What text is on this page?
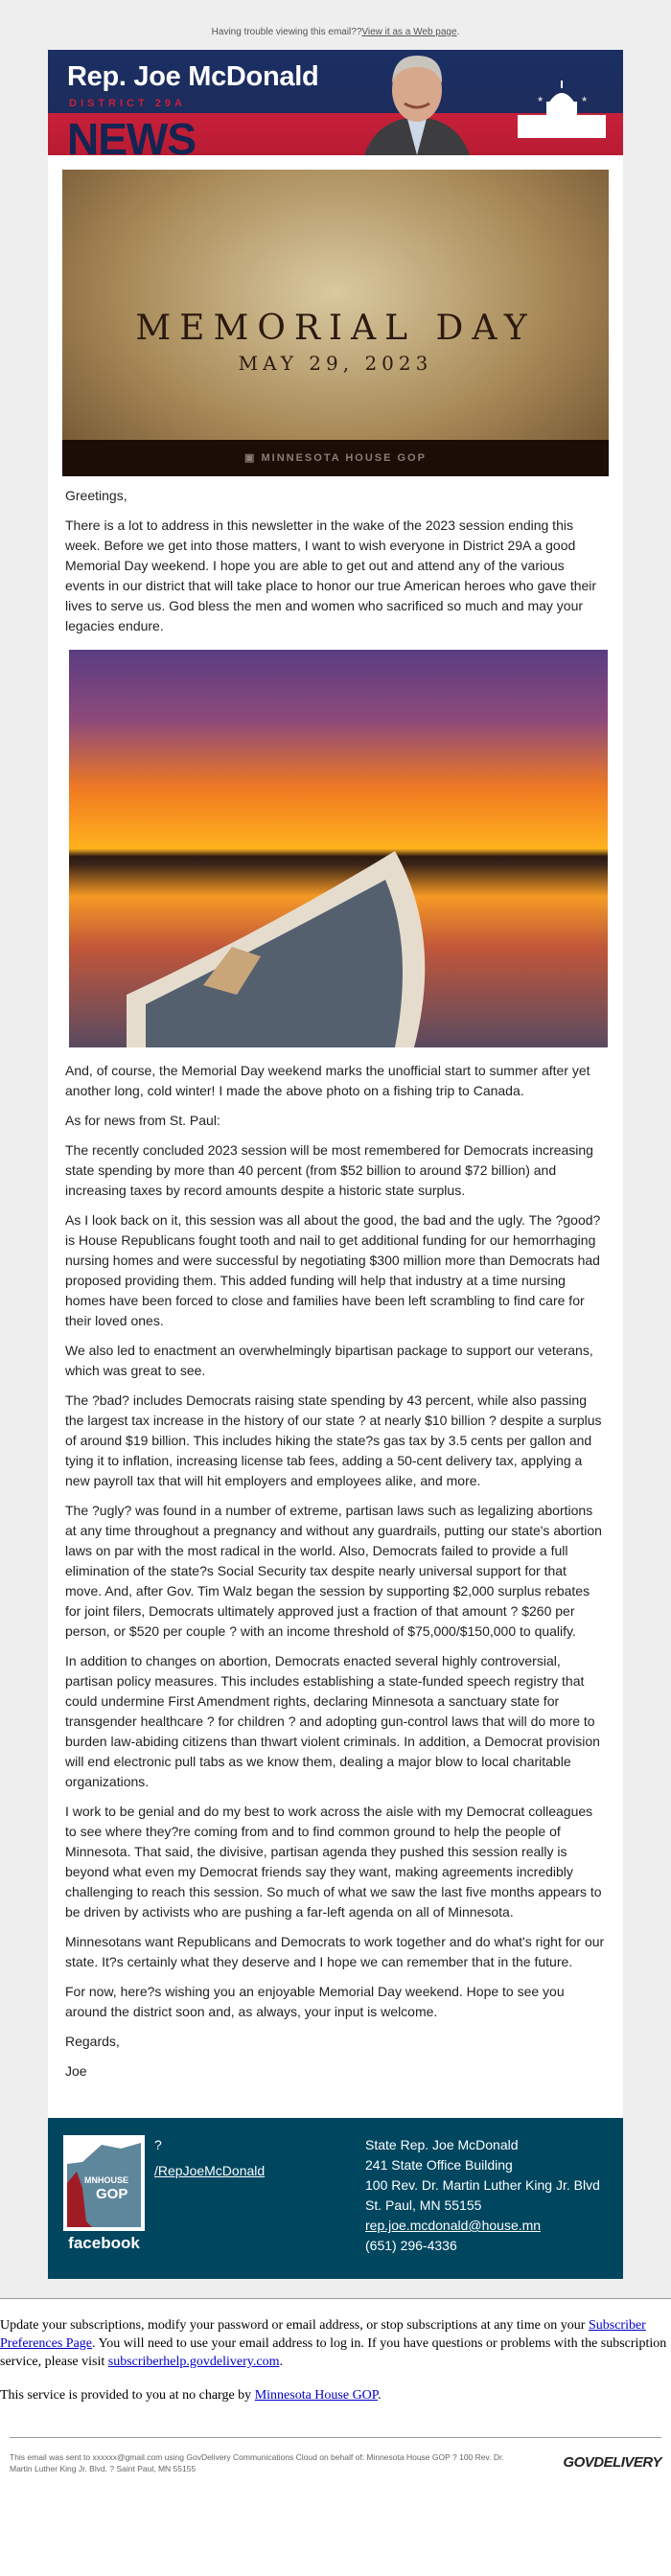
Having trouble viewing this email??View it as a Web page.
Rep. Joe McDonald
DISTRICT 29A
NEWS
★	★
MEMORIAL DAY
MAY 29, 2023
▣ MINNESOTA HOUSE GOP

Greetings,

There is a lot to address in this newsletter in the wake of the 2023 session ending this week. Before we get into those matters, I want to wish everyone in District 29A a good Memorial Day weekend. I hope you are able to get out and attend any of the various events in our district that will take place to honor our true American heroes who gave their lives to serve us. God bless the men and women who sacrificed so much and may your legacies endure.

And, of course, the Memorial Day weekend marks the unofficial start to summer after yet another long, cold winter! I made the above photo on a fishing trip to Canada.

As for news from St. Paul:

The recently concluded 2023 session will be most remembered for Democrats increasing state spending by more than 40 percent (from $52 billion to around $72 billion) and increasing taxes by record amounts despite a historic state surplus.

As I look back on it, this session was all about the good, the bad and the ugly. The ?good? is House Republicans fought tooth and nail to get additional funding for our hemorrhaging nursing homes and were successful by negotiating $300 million more than Democrats had proposed providing them. This added funding will help that industry at a time nursing homes have been forced to close and families have been left scrambling to find care for their loved ones.

We also led to enactment an overwhelmingly bipartisan package to support our veterans, which was great to see.

The ?bad? includes Democrats raising state spending by 43 percent, while also passing the largest tax increase in the history of our state ? at nearly $10 billion ? despite a surplus of around $19 billion. This includes hiking the state?s gas tax by 3.5 cents per gallon and tying it to inflation, increasing license tab fees, adding a 50-cent delivery tax, applying a new payroll tax that will hit employers and employees alike, and more.

The ?ugly? was found in a number of extreme, partisan laws such as legalizing abortions at any time throughout a pregnancy and without any guardrails, putting our state's abortion laws on par with the most radical in the world. Also, Democrats failed to provide a full elimination of the state?s Social Security tax despite nearly universal support for that move. And, after Gov. Tim Walz began the session by supporting $2,000 surplus rebates for joint filers, Democrats ultimately approved just a fraction of that amount ? $260 per person, or $520 per couple ? with an income threshold of $75,000/$150,000 to qualify.

In addition to changes on abortion, Democrats enacted several highly controversial, partisan policy measures. This includes establishing a state-funded speech registry that could undermine First Amendment rights, declaring Minnesota a sanctuary state for transgender healthcare ? for children ? and adopting gun-control laws that will do more to burden law-abiding citizens than thwart violent criminals. In addition, a Democrat provision will end electronic pull tabs as we know them, dealing a major blow to local charitable organizations.

I work to be genial and do my best to work across the aisle with my Democrat colleagues to see where they?re coming from and to find common ground to help the people of Minnesota. That said, the divisive, partisan agenda they pushed this session really is beyond what even my Democrat friends say they want, making agreements incredibly challenging to reach this session. So much of what we saw the last five months appears to be driven by activists who are pushing a far-left agenda on all of Minnesota.

Minnesotans want Republicans and Democrats to work together and do what's right for our state. It?s certainly what they deserve and I hope we can remember that in the future.

For now, here?s wishing you an enjoyable Memorial Day weekend. Hope to see you around the district soon and, as always, your input is welcome.

Regards,

Joe

MNHOUSE
GOP
facebook
?
/RepJoeMcDonald
State Rep. Joe McDonald
241 State Office Building
100 Rev. Dr. Martin Luther King Jr. Blvd
St. Paul, MN 55155
rep.joe.mcdonald@house.mn
(651) 296-4336

Update your subscriptions, modify your password or email address, or stop subscriptions at any time on your Subscriber Preferences Page. You will need to use your email address to log in. If you have questions or problems with the subscription service, please visit subscriberhelp.govdelivery.com.

This service is provided to you at no charge by Minnesota House GOP.

This email was sent to xxxxxx@gmail.com using GovDelivery Communications Cloud on behalf of: Minnesota House GOP ? 100 Rev. Dr. Martin Luther King Jr. Blvd. ? Saint Paul, MN 55155	GOVDELIVERY
